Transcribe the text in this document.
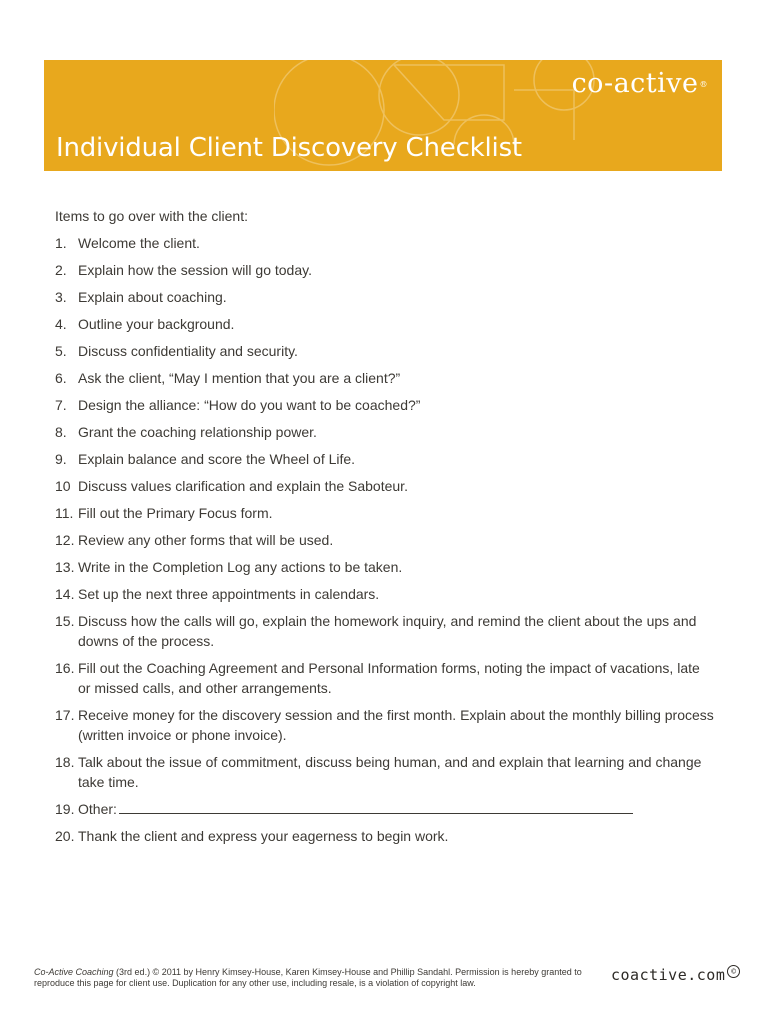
co-active®
Individual Client Discovery Checklist

Items to go over with the client:

1. Welcome the client.
2. Explain how the session will go today.
3. Explain about coaching.
4. Outline your background.
5. Discuss confidentiality and security.
6. Ask the client, “May I mention that you are a client?”
7. Design the alliance: “How do you want to be coached?”
8. Grant the coaching relationship power.
9. Explain balance and score the Wheel of Life.
10 Discuss values clarification and explain the Saboteur.
11. Fill out the Primary Focus form.
12. Review any other forms that will be used.
13. Write in the Completion Log any actions to be taken.
14. Set up the next three appointments in calendars.
15. Discuss how the calls will go, explain the homework inquiry, and remind the client about the ups and downs of the process.
16. Fill out the Coaching Agreement and Personal Information forms, noting the impact of vacations, late or missed calls, and other arrangements.
17. Receive money for the discovery session and the first month. Explain about the monthly billing process (written invoice or phone invoice).
18. Talk about the issue of commitment, discuss being human, and and explain that learning and change take time.
19. Other:
20. Thank the client and express your eagerness to begin work.
Co-Active Coaching (3rd ed.) © 2011 by Henry Kimsey-House, Karen Kimsey-House and Phillip Sandahl. Permission is hereby granted to reproduce this page for client use. Duplication for any other use, including resale, is a violation of copyright law.	coactive.com ©
